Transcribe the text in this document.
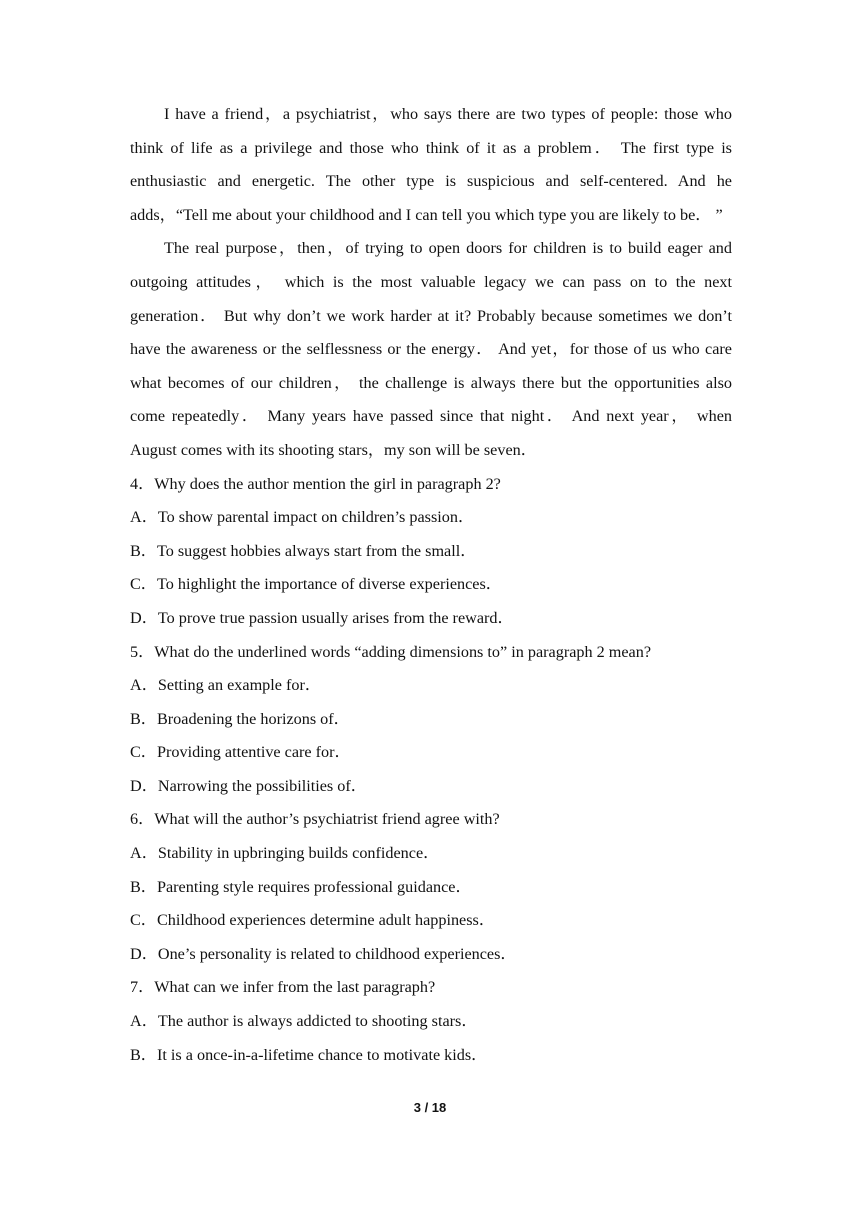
I have a friend，a psychiatrist，who says there are two types of people: those who think of life as a privilege and those who think of it as a problem． The first type is enthusiastic and energetic. The other type is suspicious and self-centered. And he adds，“Tell me about your childhood and I can tell you which type you are likely to be． ”

The real purpose，then，of trying to open doors for children is to build eager and outgoing attitudes， which is the most valuable legacy we can pass on to the next generation． But why don’t we work harder at it? Probably because sometimes we don’t have the awareness or the selflessness or the energy． And yet，for those of us who care what becomes of our children， the challenge is always there but the opportunities also come repeatedly． Many years have passed since that night． And next year， when August comes with its shooting stars，my son will be seven．

4．Why does the author mention the girl in paragraph 2?

A．To show parental impact on children’s passion．

B．To suggest hobbies always start from the small．

C．To highlight the importance of diverse experiences．

D．To prove true passion usually arises from the reward．

5．What do the underlined words “adding dimensions to” in paragraph 2 mean?

A．Setting an example for．

B．Broadening the horizons of．

C．Providing attentive care for．

D．Narrowing the possibilities of．

6．What will the author’s psychiatrist friend agree with?

A．Stability in upbringing builds confidence．

B．Parenting style requires professional guidance．

C．Childhood experiences determine adult happiness．

D．One’s personality is related to childhood experiences．

7．What can we infer from the last paragraph?

A．The author is always addicted to shooting stars．

B．It is a once-in-a-lifetime chance to motivate kids．

3 / 18
